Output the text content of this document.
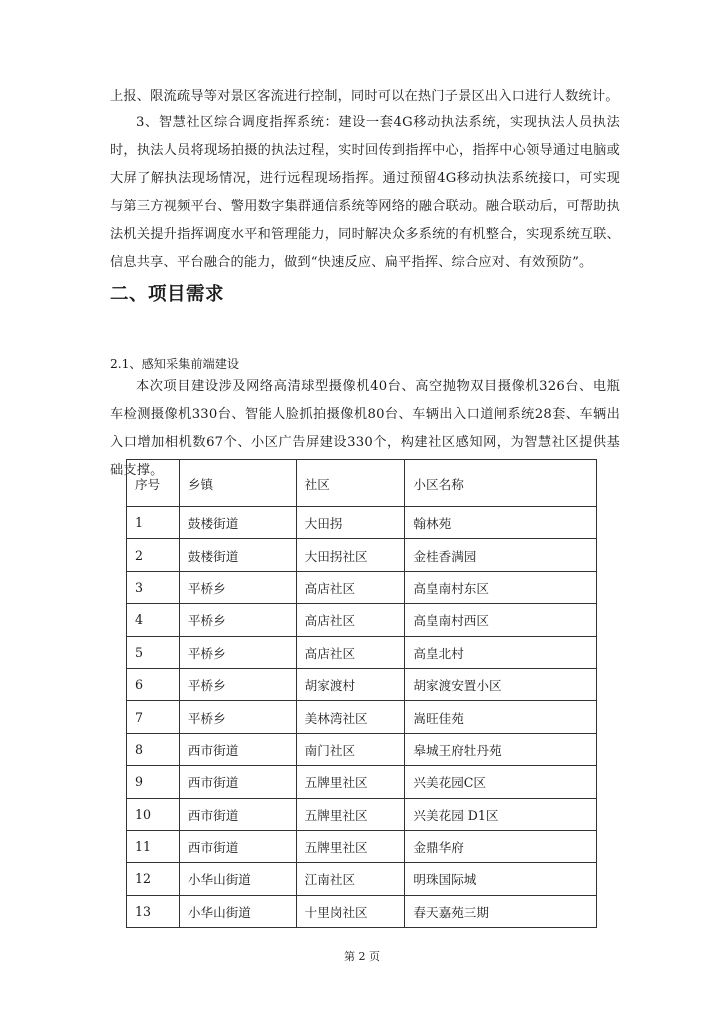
上报、限流疏导等对景区客流进行控制，同时可以在热门子景区出入口进行人数统计。
3、智慧社区综合调度指挥系统：建设一套4G移动执法系统，实现执法人员执法时，执法人员将现场拍摄的执法过程，实时回传到指挥中心，指挥中心领导通过电脑或大屏了解执法现场情况，进行远程现场指挥。通过预留4G移动执法系统接口，可实现与第三方视频平台、警用数字集群通信系统等网络的融合联动。融合联动后，可帮助执法机关提升指挥调度水平和管理能力，同时解决众多系统的有机整合，实现系统互联、信息共享、平台融合的能力，做到“快速反应、扁平指挥、综合应对、有效预防”。
二、项目需求
2.1、感知采集前端建设
本次项目建设涉及网络高清球型摄像机40台、高空抛物双目摄像机326台、电瓶车检测摄像机330台、智能人脸抓拍摄像机80台、车辆出入口道闸系统28套、车辆出入口增加相机数67个、小区广告屏建设330个，构建社区感知网，为智慧社区提供基础支撑。
序号	乡镇	社区	小区名称
1	鼓楼街道	大田拐	翰林苑
2	鼓楼街道	大田拐社区	金桂香满园
3	平桥乡	高店社区	高皇南村东区
4	平桥乡	高店社区	高皇南村西区
5	平桥乡	高店社区	高皇北村
6	平桥乡	胡家渡村	胡家渡安置小区
7	平桥乡	美林湾社区	嵩旺佳苑
8	西市街道	南门社区	皋城王府牡丹苑
9	西市街道	五牌里社区	兴美花园C区
10	西市街道	五牌里社区	兴美花园 D1区
11	西市街道	五牌里社区	金鼎华府
12	小华山街道	江南社区	明珠国际城
13	小华山街道	十里岗社区	春天嘉苑三期
第 2 页
